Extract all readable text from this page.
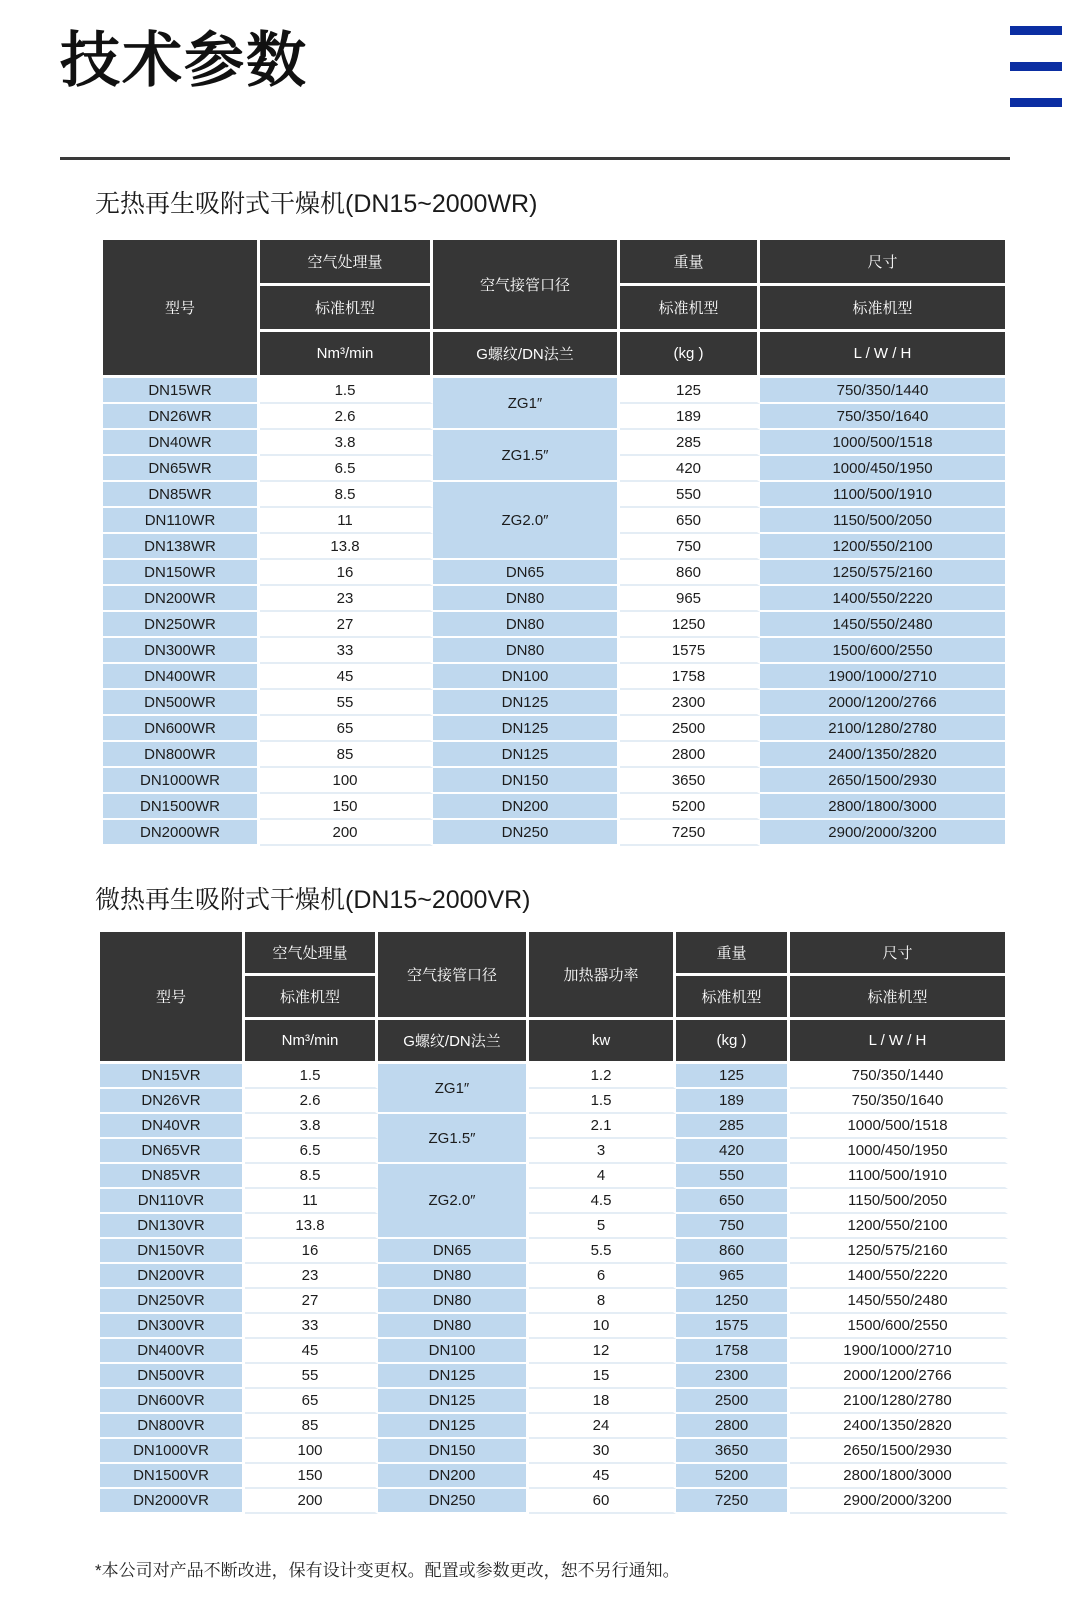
技术参数
无热再生吸附式干燥机(DN15~2000WR)
型号	空气处理量	空气接管口径	重量	尺寸
	标准机型		标准机型	标准机型
	Nm³/min	G螺纹/DN法兰	(kg )	L / W / H
DN15WR	1.5	ZG1″	125	750/350/1440
DN26WR	2.6		189	750/350/1640
DN40WR	3.8	ZG1.5″	285	1000/500/1518
DN65WR	6.5		420	1000/450/1950
DN85WR	8.5	ZG2.0″	550	1100/500/1910
DN110WR	11		650	1150/500/2050
DN138WR	13.8		750	1200/550/2100
DN150WR	16	DN65	860	1250/575/2160
DN200WR	23	DN80	965	1400/550/2220
DN250WR	27	DN80	1250	1450/550/2480
DN300WR	33	DN80	1575	1500/600/2550
DN400WR	45	DN100	1758	1900/1000/2710
DN500WR	55	DN125	2300	2000/1200/2766
DN600WR	65	DN125	2500	2100/1280/2780
DN800WR	85	DN125	2800	2400/1350/2820
DN1000WR	100	DN150	3650	2650/1500/2930
DN1500WR	150	DN200	5200	2800/1800/3000
DN2000WR	200	DN250	7250	2900/2000/3200
微热再生吸附式干燥机(DN15~2000VR)
型号	空气处理量	空气接管口径	加热器功率	重量	尺寸
	标准机型			标准机型	标准机型
	Nm³/min	G螺纹/DN法兰	kw	(kg )	L / W / H
DN15VR	1.5	ZG1″	1.2	125	750/350/1440
DN26VR	2.6		1.5	189	750/350/1640
DN40VR	3.8	ZG1.5″	2.1	285	1000/500/1518
DN65VR	6.5		3	420	1000/450/1950
DN85VR	8.5	ZG2.0″	4	550	1100/500/1910
DN110VR	11		4.5	650	1150/500/2050
DN130VR	13.8		5	750	1200/550/2100
DN150VR	16	DN65	5.5	860	1250/575/2160
DN200VR	23	DN80	6	965	1400/550/2220
DN250VR	27	DN80	8	1250	1450/550/2480
DN300VR	33	DN80	10	1575	1500/600/2550
DN400VR	45	DN100	12	1758	1900/1000/2710
DN500VR	55	DN125	15	2300	2000/1200/2766
DN600VR	65	DN125	18	2500	2100/1280/2780
DN800VR	85	DN125	24	2800	2400/1350/2820
DN1000VR	100	DN150	30	3650	2650/1500/2930
DN1500VR	150	DN200	45	5200	2800/1800/3000
DN2000VR	200	DN250	60	7250	2900/2000/3200

*本公司对产品不断改进，保有设计变更权。配置或参数更改，恕不另行通知。
